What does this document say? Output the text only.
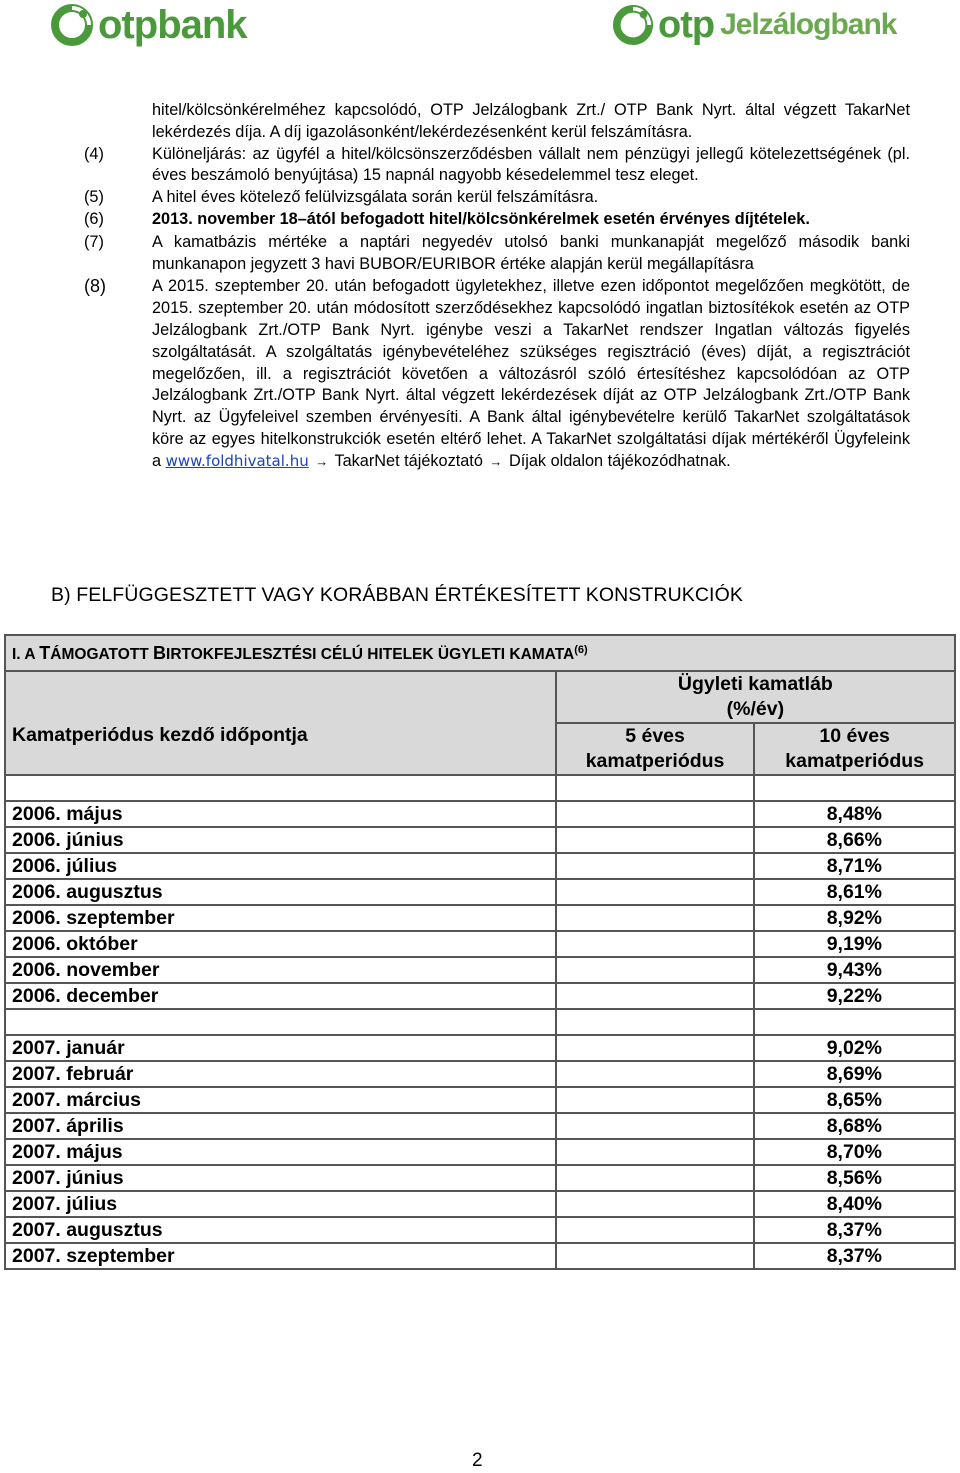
otpbank	otp Jelzálogbank

hitel/kölcsönkérelméhez kapcsolódó, OTP Jelzálogbank Zrt./ OTP Bank Nyrt. által végzett TakarNet lekérdezés díja. A díj igazolásonként/lekérdezésenként kerül felszámításra.

(4)	Különeljárás: az ügyfél a hitel/kölcsönszerződésben vállalt nem pénzügyi jellegű kötelezettségének (pl. éves beszámoló benyújtása) 15 napnál nagyobb késedelemmel tesz eleget.

(5)	A hitel éves kötelező felülvizsgálata során kerül felszámításra.

(6)	2013. november 18–ától befogadott hitel/kölcsönkérelmek esetén érvényes díjtételek.

(7)	A kamatbázis mértéke a naptári negyedév utolsó banki munkanapját megelőző második banki munkanapon jegyzett 3 havi BUBOR/EURIBOR értéke alapján kerül megállapításra

(8)	A 2015. szeptember 20. után befogadott ügyletekhez, illetve ezen időpontot megelőzően megkötött, de 2015. szeptember 20. után módosított szerződésekhez kapcsolódó ingatlan biztosítékok esetén az OTP Jelzálogbank Zrt./OTP Bank Nyrt. igénybe veszi a TakarNet rendszer Ingatlan változás figyelés szolgáltatását. A szolgáltatás igénybevételéhez szükséges regisztráció (éves) díját, a regisztrációt megelőzően, ill. a regisztrációt követően a változásról szóló értesítéshez kapcsolódóan az OTP Jelzálogbank Zrt./OTP Bank Nyrt. által végzett lekérdezések díját az OTP Jelzálogbank Zrt./OTP Bank Nyrt. az Ügyfeleivel szemben érvényesíti. A Bank által igénybevételre kerülő TakarNet szolgáltatások köre az egyes hitelkonstrukciók esetén eltérő lehet. A TakarNet szolgáltatási díjak mértékéről Ügyfeleink a www.foldhivatal.hu → TakarNet tájékoztató → Díjak oldalon tájékozódhatnak.

B) FELFÜGGESZTETT VAGY KORÁBBAN ÉRTÉKESÍTETT KONSTRUKCIÓK
I. A TÁMOGATOTT BIRTOKFEJLESZTÉSI CÉLÚ HITELEK ÜGYLETI KAMATA$^{(6)}$

Kamatperiódus kezdő időpontja	Ügyleti kamatláb (%/év)	

	5 éves kamatperiódus	10 éves kamatperiódus

2006. május		8,48%
2006. június		8,66%
2006. július		8,71%
2006. augusztus		8,61%
2006. szeptember		8,92%
2006. október		9,19%
2006. november		9,43%
2006. december		9,22%

2007. január		9,02%
2007. február		8,69%
2007. március		8,65%
2007. április		8,68%
2007. május		8,70%
2007. június		8,56%
2007. július		8,40%
2007. augusztus		8,37%
2007. szeptember		8,37%
2
